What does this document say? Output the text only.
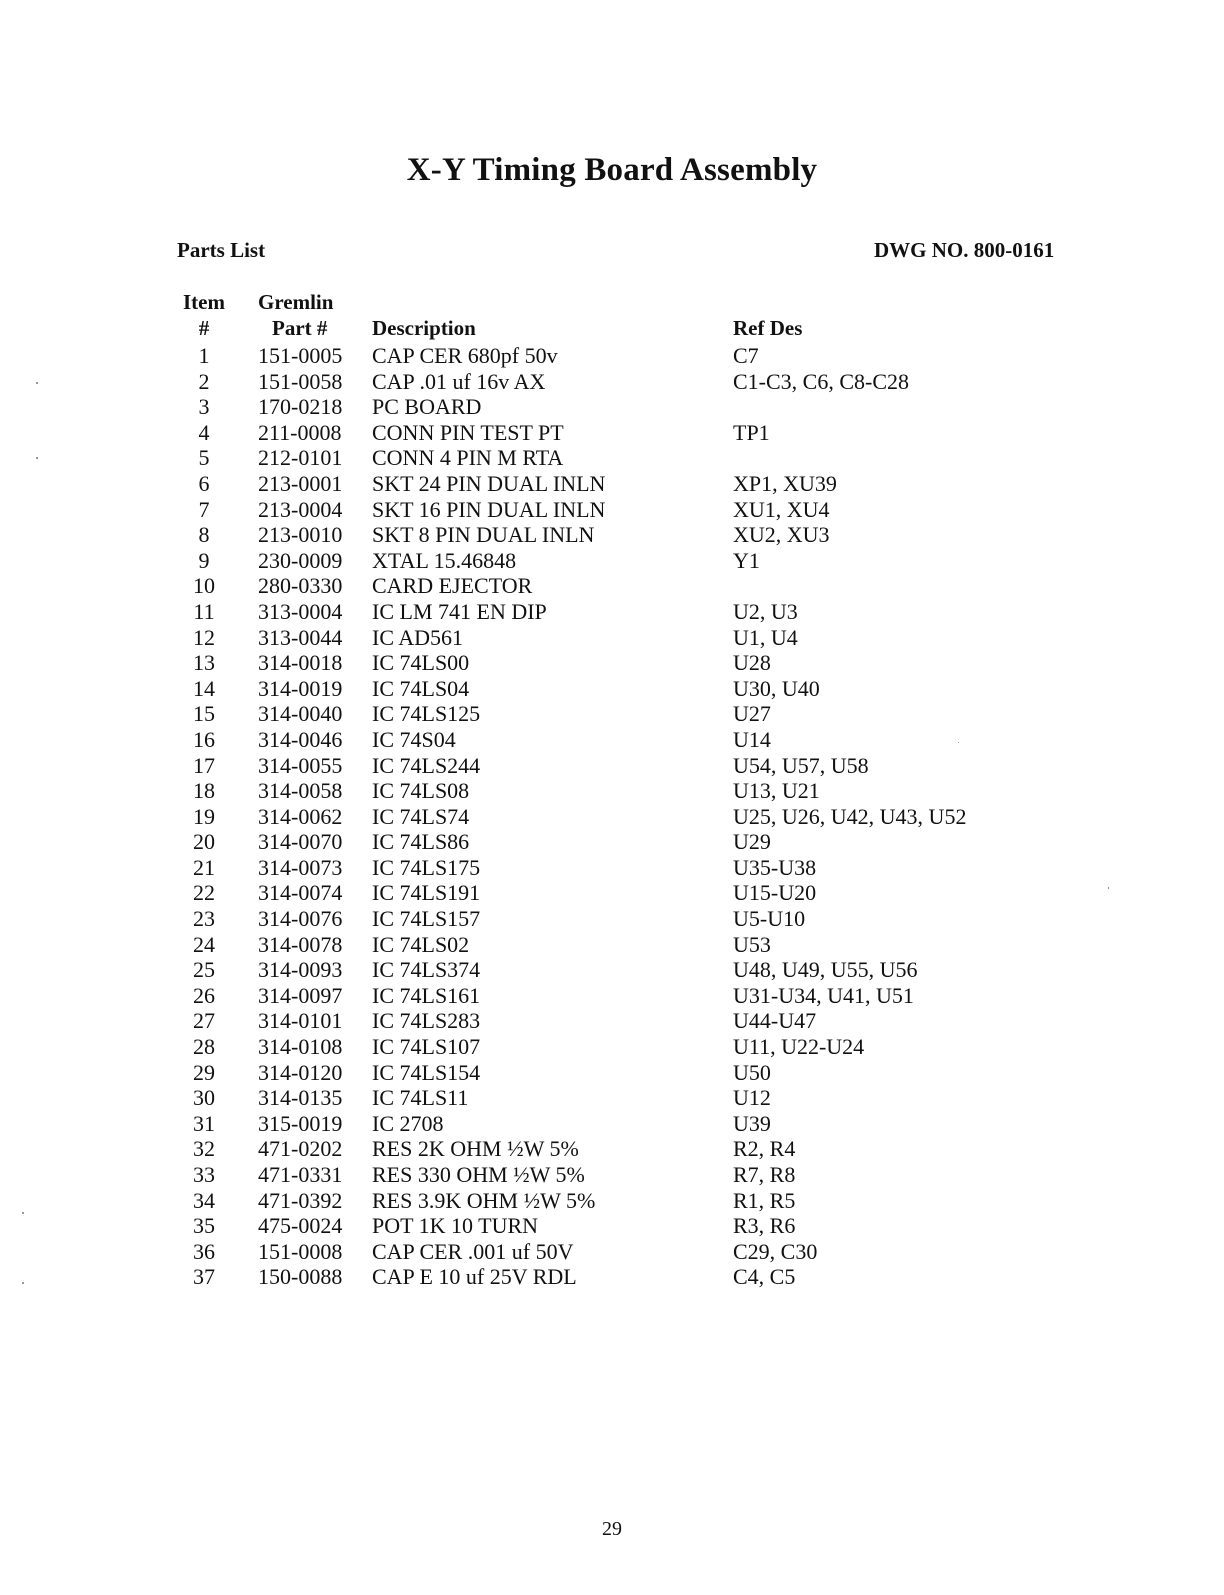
X-Y Timing Board Assembly
Parts List	DWG NO. 800-0161
Item
#
Gremlin
Part # Description	Ref Des
1	151-0005 CAP CER 680pf 50v	C7
2	151-0058 CAP .01 uf 16v AX	C1-C3, C6, C8-C28
3	170-0218 PC BOARD
4	211-0008 CONN PIN TEST PT	TP1
5	212-0101 CONN 4 PIN M RTA
6	213-0001 SKT 24 PIN DUAL INLN	XP1, XU39
7	213-0004 SKT 16 PIN DUAL INLN	XU1, XU4
8	213-0010 SKT 8 PIN DUAL INLN	XU2, XU3
9	230-0009 XTAL 15.46848	Y1
10	280-0330 CARD EJECTOR
11	313-0004 IC LM 741 EN DIP	U2, U3
12	313-0044 IC AD561	U1, U4
13	314-0018 IC 74LS00	U28
14	314-0019 IC 74LS04	U30, U40
15	314-0040 IC 74LS125	U27
16	314-0046 IC 74S04	U14
17	314-0055 IC 74LS244	U54, U57, U58
18	314-0058 IC 74LS08	U13, U21
19	314-0062 IC 74LS74	U25, U26, U42, U43, U52
20	314-0070 IC 74LS86	U29
21	314-0073 IC 74LS175	U35-U38
22	314-0074 IC 74LS191	U15-U20
23	314-0076 IC 74LS157	U5-U10
24	314-0078 IC 74LS02	U53
25	314-0093 IC 74LS374	U48, U49, U55, U56
26	314-0097 IC 74LS161	U31-U34, U41, U51
27	314-0101 IC 74LS283	U44-U47
28	314-0108 IC 74LS107	U11, U22-U24
29	314-0120 IC 74LS154	U50
30	314-0135 IC 74LS11	U12
31	315-0019 IC 2708	U39
32	471-0202 RES 2K OHM ½W 5%	R2, R4
33	471-0331 RES 330 OHM ½W 5%	R7, R8
34	471-0392 RES 3.9K OHM ½W 5%	R1, R5
35	475-0024 POT 1K 10 TURN	R3, R6
36	151-0008 CAP CER .001 uf 50V	C29, C30
37	150-0088 CAP E 10 uf 25V RDL	C4, C5
29
